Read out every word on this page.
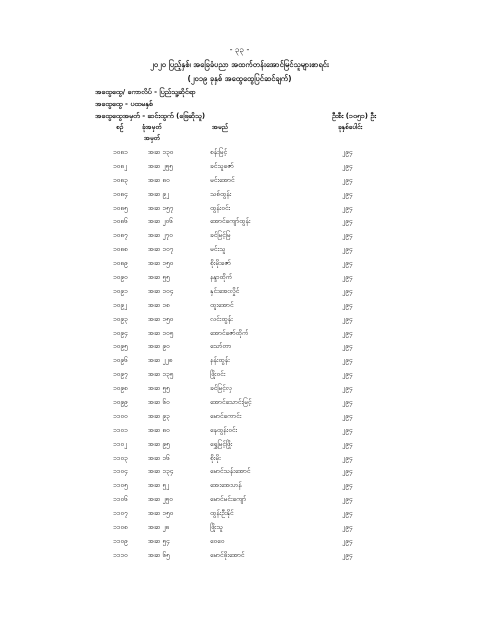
- ၃၃ -
၂၀၂၀ ပြည့်နှစ်၊ အခြေခံပညာ အထက်တန်းအောင်မြင်သူများစာရင်း
(၂၀၁၉ ခုနှစ် အထွေထွေပြင်ဆင်ချက်)
အထွေထွေ/ ကောလိပ် - ပြည်သူ့ဆိုင်ရာ
အထွေထွေ - ပထမနှစ်
အထွေထွေအမှတ် - ဆင်းထွက် (ဖြေဆိုသူ)	ဦးစီး (၁၀၅၁) ဦး
စဥ်	ခုံအမှတ်	အမည်	ခုနှစ်ပေါင်း
အမှတ်
၁၀၈၁	အဆ ၁၃၀	စန်းမြင့်	၂၉၄
၁၀၈၂	အဆ ၂၅၅	ခင်သူဇော်	၂၉၄
၁၀၈၃	အဆ ၈၀	မင်းအောင်	၂၉၄
၁၀၈၄	အဆ ၉၂	သစ်ထွန်း	၂၉၄
၁၀၈၅	အဆ ၁၅၇	ထွန်းဝင်း	၂၉၄
၁၀၈၆	အဆ ၂၀၆	အောင်ကျော်ထွန်း	၂၉၄
၁၀၈၇	အဆ ၂၇၀	ခင်မြင့်မြ	၂၉၄
၁၀၈၈	အဆ ၁၀၇	မင်းသူ	၂၉၄
၁၀၈၉	အဆ ၁၅၀	စိုးမိုးဇော်	၂၉၄
၁၀၉၀	အဆ ၅၅	နန္ဒာထိုက်	၂၉၄
၁၀၉၁	အဆ ၁၀၄	နှင်းအေးလှိုင်	၂၉၄
၁၀၉၂	အဆ ၁၈	ထူးအောင်	၂၉၄
၁၀၉၃	အဆ ၁၅၀	လင်းထွန်း	၂၉၄
၁၀၉၄	အဆ ၁၀၅	အောင်ဇော်ထိုက်	၂၉၄
၁၀၉၅	အဆ ၉၀	သော်တာ	၂၉၄
၁၀၉၆	အဆ ၂၂၈	နန်းထွန်း	၂၉၄
၁၀၉၇	အဆ ၁၃၅	ဖြိုးဝင်း	၂၉၄
၁၀၉၈	အဆ ၅၅	ခင်မြင့်လှ	၂၉၄
၁၀၉၉	အဆ ၆၀	အောင်သောင်းမြင့်	၂၉၄
၁၁၀၀	အဆ ၉၃	မောင်ကောင်း	၂၉၄
၁၁၀၁	အဆ ၈၀	နေထွန်းဝင်း	၂၉၄
၁၁၀၂	အဆ ၉၅	ရွှေမြင့်ဖြိုး	၂၉၄
၁၁၀၃	အဆ ၁၆	စိုးမိုး	၂၉၄
၁၁၀၄	အဆ ၁၃၄	မောင်သန်းအောင်	၂၉၄
၁၁၀၅	အဆ ၅၂	အေးအေးဟန်	၂၉၄
၁၁၀၆	အဆ ၂၅၀	မောင်မင်းကျော်	၂၉၄
၁၁၀၇	အဆ ၁၅၀	ထွန်းဦးနိုင်	၂၉၄
၁၁၀၈	အဆ ၂၈	ဖြိုးသူ	၂၉၄
၁၁၀၉	အဆ ၅၄	ဝေဝေ	၂၉၄
၁၁၁၀	အဆ ၆၅	မောင်ဖိုးအောင်	၂၉၄
